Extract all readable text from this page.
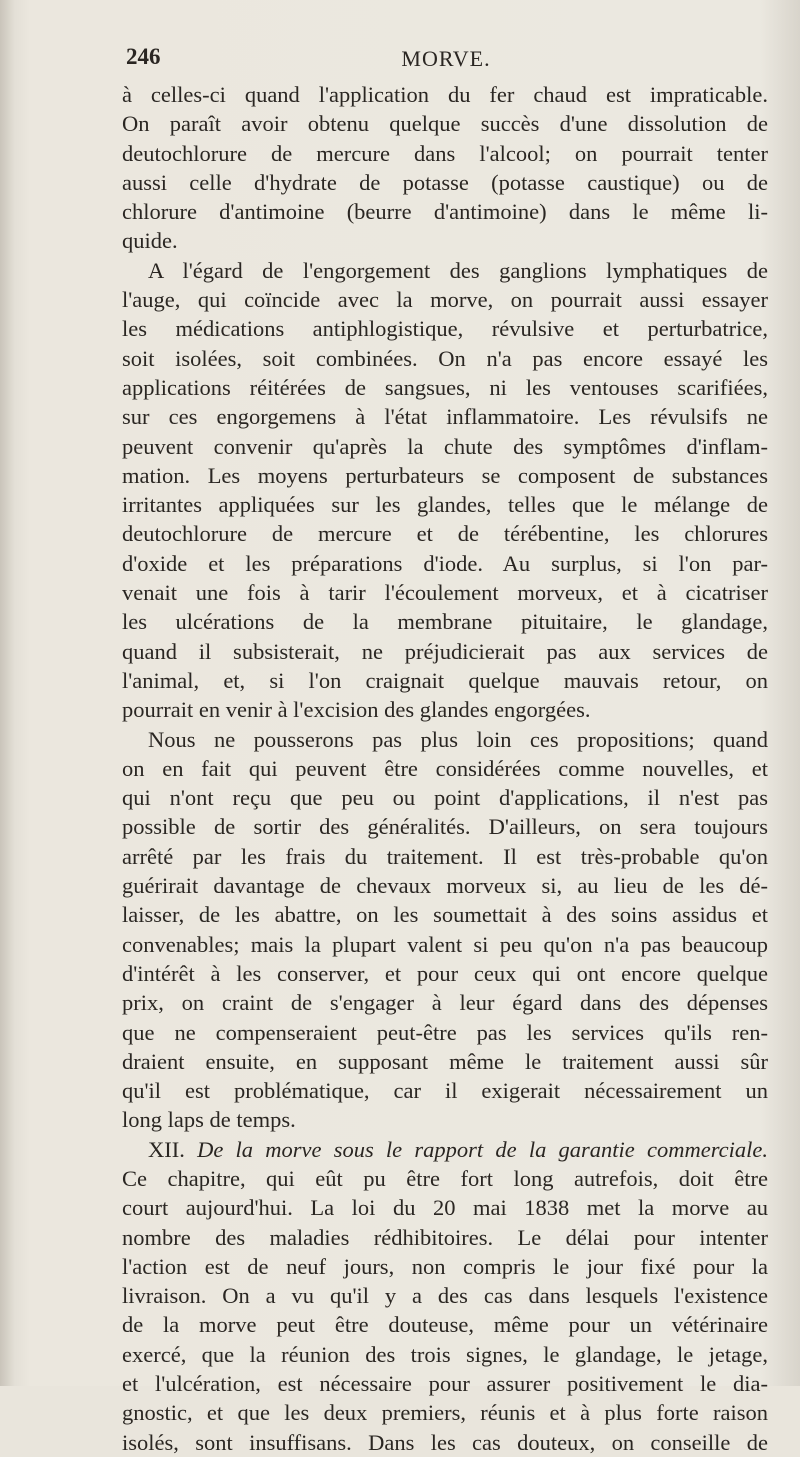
246	MORVE.
à celles-ci quand l'application du fer chaud est impraticable.
On paraît avoir obtenu quelque succès d'une dissolution de
deutochlorure de mercure dans l'alcool; on pourrait tenter
aussi celle d'hydrate de potasse (potasse caustique) ou de
chlorure d'antimoine (beurre d'antimoine) dans le même li-
quide.
A l'égard de l'engorgement des ganglions lymphatiques de
l'auge, qui coïncide avec la morve, on pourrait aussi essayer
les médications antiphlogistique, révulsive et perturbatrice,
soit isolées, soit combinées. On n'a pas encore essayé les
applications réitérées de sangsues, ni les ventouses scarifiées,
sur ces engorgemens à l'état inflammatoire. Les révulsifs ne
peuvent convenir qu'après la chute des symptômes d'inflam-
mation. Les moyens perturbateurs se composent de substances
irritantes appliquées sur les glandes, telles que le mélange de
deutochlorure de mercure et de térébentine, les chlorures
d'oxide et les préparations d'iode. Au surplus, si l'on par-
venait une fois à tarir l'écoulement morveux, et à cicatriser
les ulcérations de la membrane pituitaire, le glandage,
quand il subsisterait, ne préjudicierait pas aux services de
l'animal, et, si l'on craignait quelque mauvais retour, on
pourrait en venir à l'excision des glandes engorgées.
Nous ne pousserons pas plus loin ces propositions; quand
on en fait qui peuvent être considérées comme nouvelles, et
qui n'ont reçu que peu ou point d'applications, il n'est pas
possible de sortir des généralités. D'ailleurs, on sera toujours
arrêté par les frais du traitement. Il est très-probable qu'on
guérirait davantage de chevaux morveux si, au lieu de les dé-
laisser, de les abattre, on les soumettait à des soins assidus et
convenables; mais la plupart valent si peu qu'on n'a pas beaucoup
d'intérêt à les conserver, et pour ceux qui ont encore quelque
prix, on craint de s'engager à leur égard dans des dépenses
que ne compenseraient peut-être pas les services qu'ils ren-
draient ensuite, en supposant même le traitement aussi sûr
qu'il est problématique, car il exigerait nécessairement un
long laps de temps.
XII. De la morve sous le rapport de la garantie commerciale.
Ce chapitre, qui eût pu être fort long autrefois, doit être
court aujourd'hui. La loi du 20 mai 1838 met la morve au
nombre des maladies rédhibitoires. Le délai pour intenter
l'action est de neuf jours, non compris le jour fixé pour la
livraison. On a vu qu'il y a des cas dans lesquels l'existence
de la morve peut être douteuse, même pour un vétérinaire
exercé, que la réunion des trois signes, le glandage, le jetage,
et l'ulcération, est nécessaire pour assurer positivement le dia-
gnostic, et que les deux premiers, réunis et à plus forte raison
isolés, sont insuffisans. Dans les cas douteux, on conseille de
